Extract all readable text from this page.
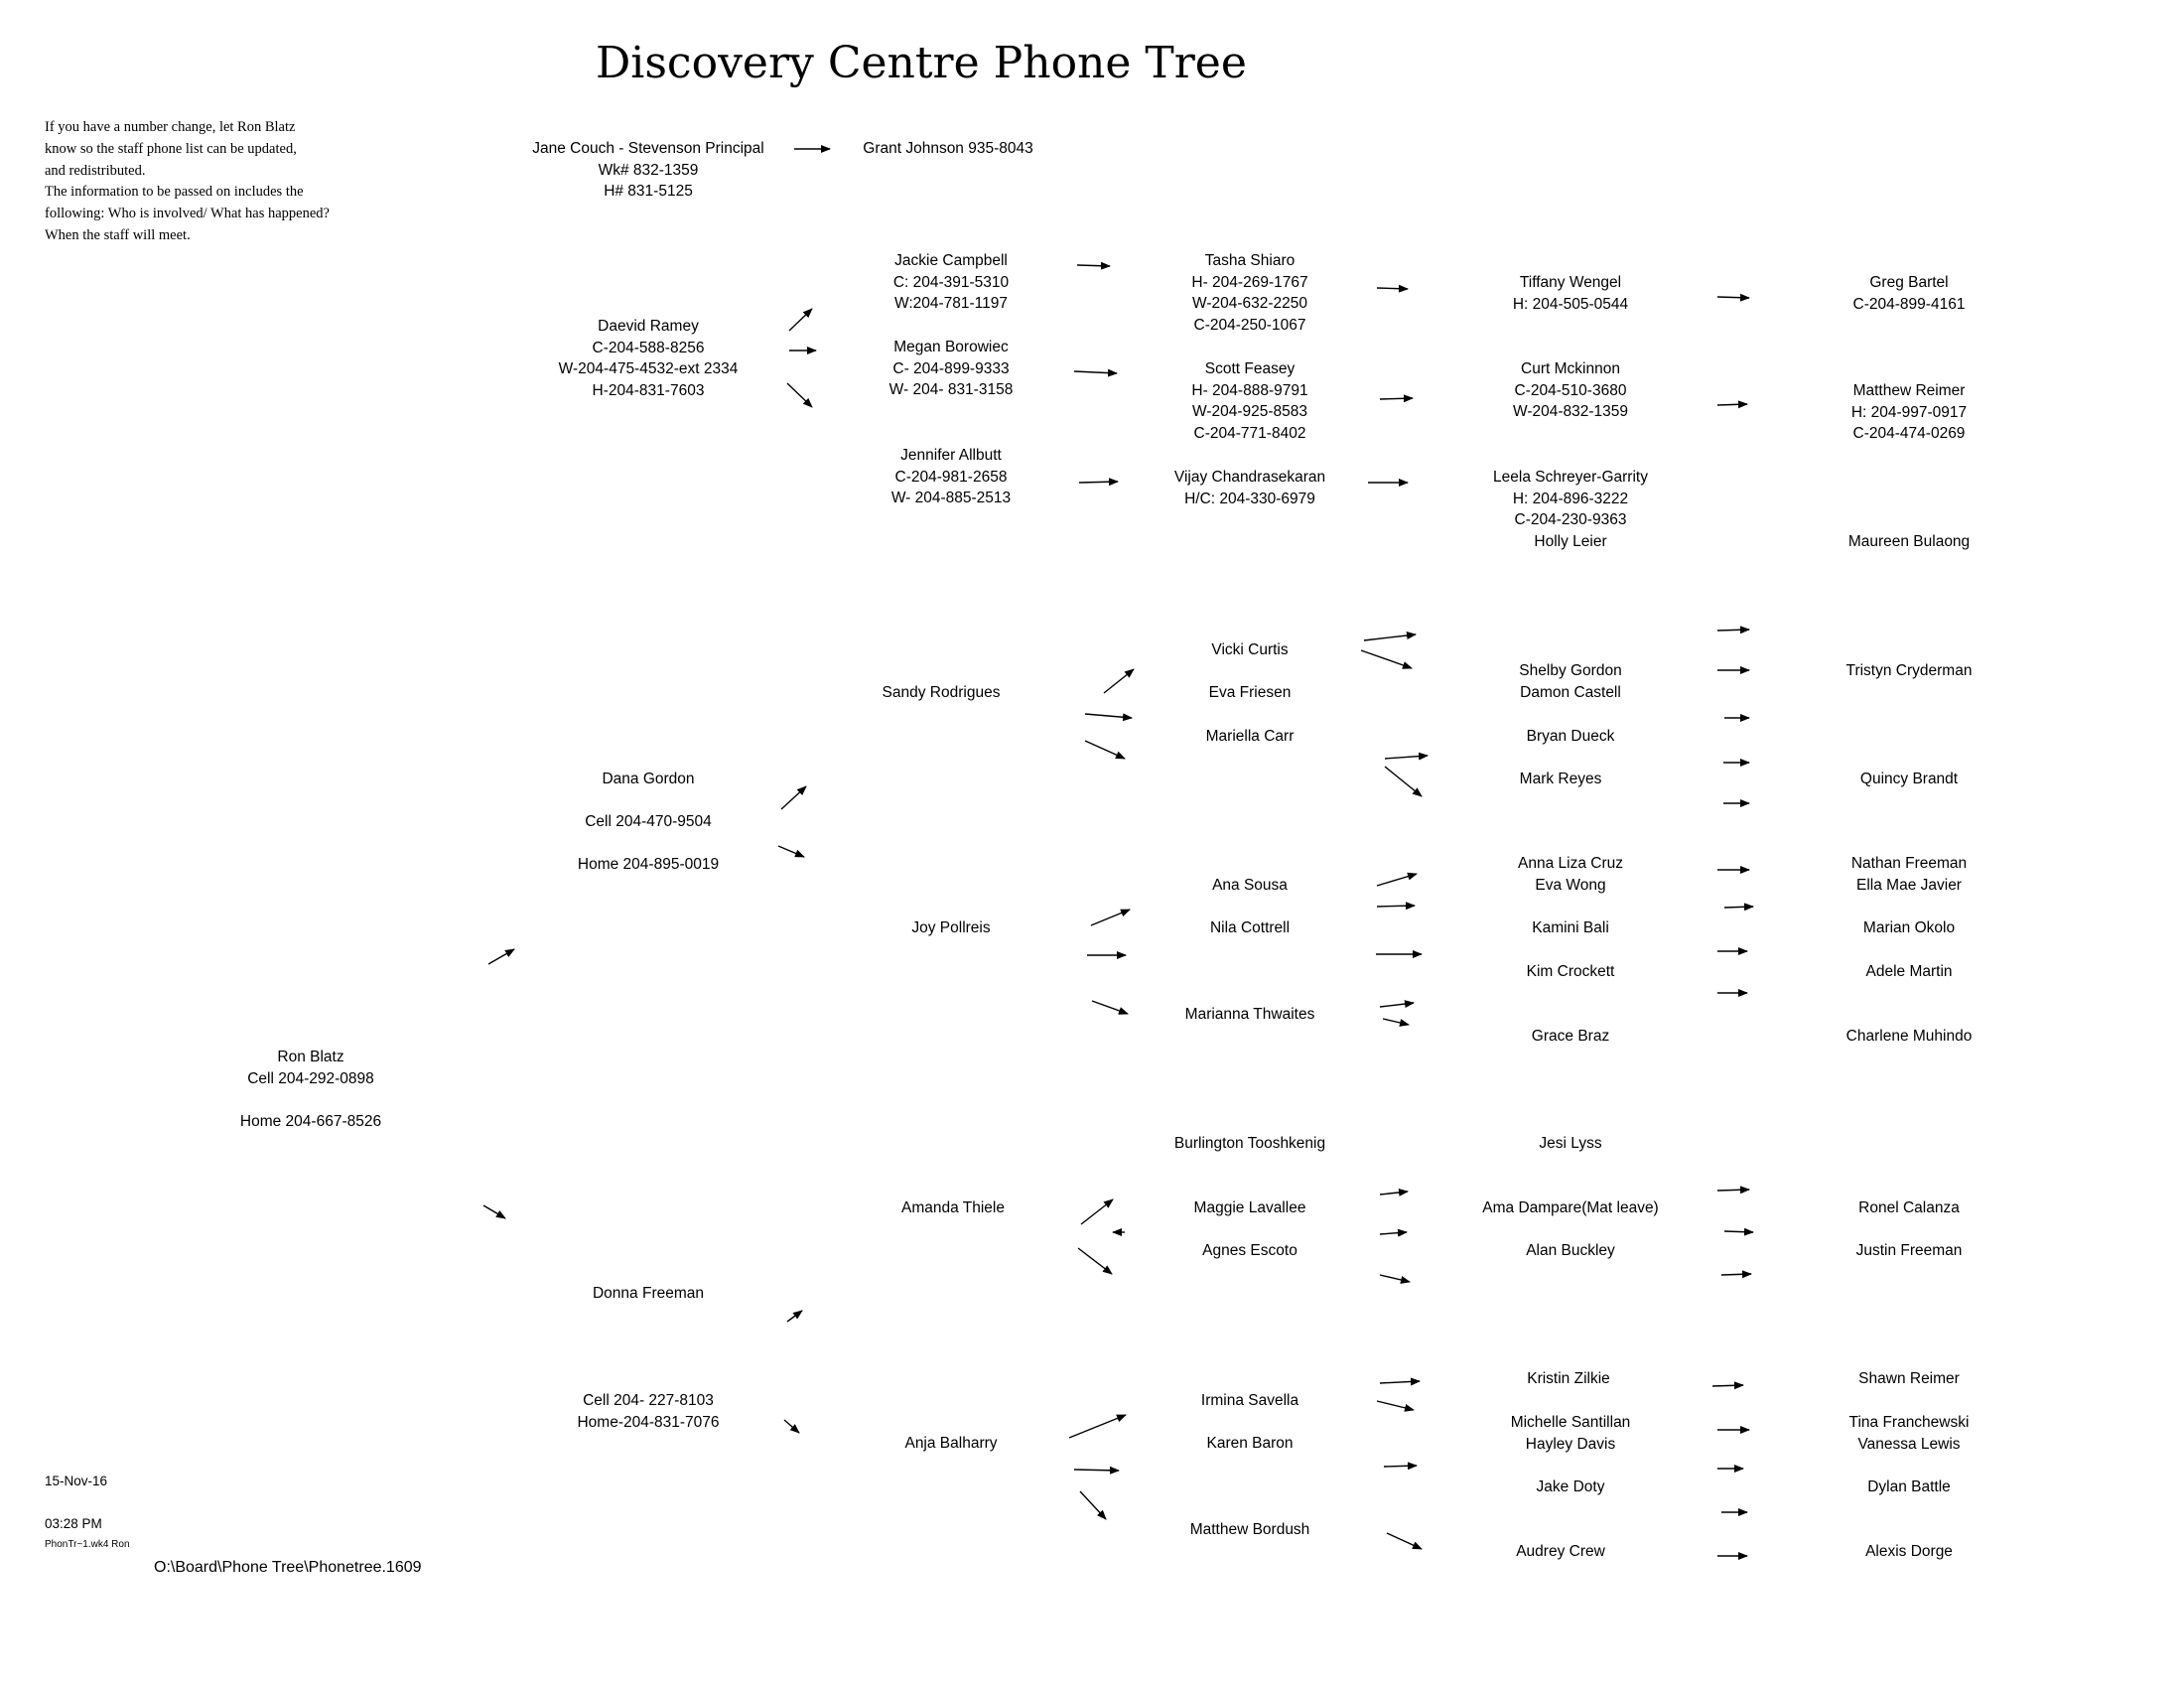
Discovery Centre Phone Tree
If you have a number change, let Ron Blatz
know so the staff phone list can be updated,
and redistributed.
The information to be passed on includes the
following: Who is involved/ What has happened?
When the staff will meet.
Jane Couch - Stevenson Principal
Wk# 832-1359
H# 831-5125
Grant Johnson 935-8043
Daevid Ramey
C-204-588-8256
W-204-475-4532-ext 2334
H-204-831-7603
Jackie Campbell
C: 204-391-5310
W:204-781-1197
Megan Borowiec
C- 204-899-9333
W- 204- 831-3158
Jennifer Allbutt
C-204-981-2658
W- 204-885-2513
Tasha Shiaro
H- 204-269-1767
W-204-632-2250
C-204-250-1067
Scott Feasey
H- 204-888-9791
W-204-925-8583
C-204-771-8402
Vijay Chandrasekaran
H/C: 204-330-6979
Tiffany Wengel
H: 204-505-0544
Curt Mckinnon
C-204-510-3680
W-204-832-1359
Leela Schreyer-Garrity
H: 204-896-3222
C-204-230-9363
Holly Leier
Greg Bartel
C-204-899-4161
Matthew Reimer
H: 204-997-0917
C-204-474-0269
Maureen Bulaong
Dana Gordon
Cell 204-470-9504
Home 204-895-0019
Sandy Rodrigues
Joy Pollreis
Vicki Curtis
Eva Friesen
Mariella Carr
Ana Sousa
Nila Cottrell
Marianna Thwaites
Shelby Gordon
Damon Castell
Bryan Dueck
Mark Reyes
Anna Liza Cruz
Eva Wong
Kamini Bali
Kim Crockett
Grace Braz
Tristyn Cryderman
Quincy Brandt
Nathan Freeman
Ella Mae Javier
Marian Okolo
Adele Martin
Charlene Muhindo
Ron Blatz
Cell 204-292-0898
Home 204-667-8526
Burlington Tooshkenig	Jesi Lyss
Amanda Thiele	Maggie Lavallee
Agnes Escoto
Ama Dampare(Mat leave)
Alan Buckley
Ronel Calanza
Justin Freeman
Donna Freeman
Cell 204- 227-8103
Home-204-831-7076
Anja Balharry
Irmina Savella
Karen Baron
Matthew Bordush
Kristin Zilkie
Michelle Santillan
Hayley Davis
Jake Doty
Audrey Crew
Shawn Reimer
Tina Franchewski
Vanessa Lewis
Dylan Battle
Alexis Dorge
15-Nov-16
03:28 PM
PhonTr~1.wk4 Ron
O:\Board\Phone Tree\Phonetree.1609
